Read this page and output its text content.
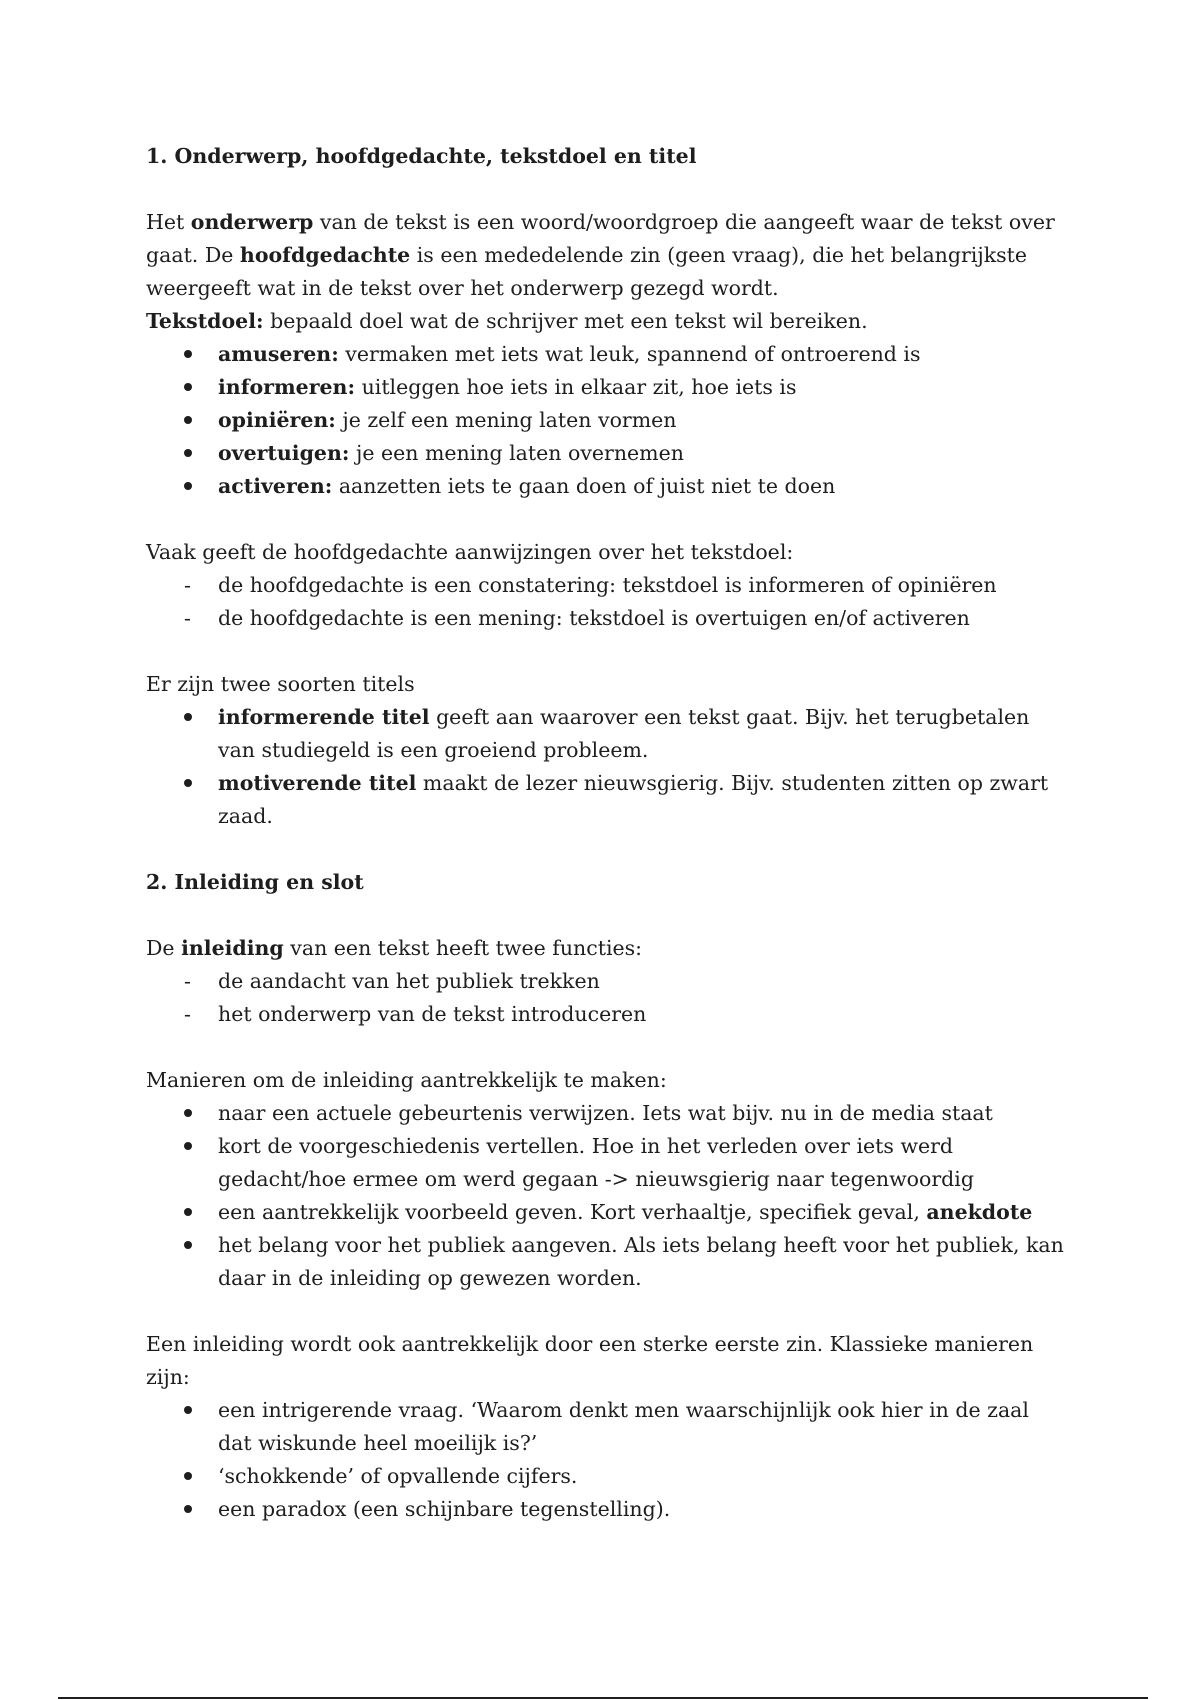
1. Onderwerp, hoofdgedachte, tekstdoel en titel

Het onderwerp van de tekst is een woord/woordgroep die aangeeft waar de tekst over gaat. De hoofdgedachte is een mededelende zin (geen vraag), die het belangrijkste weergeeft wat in de tekst over het onderwerp gezegd wordt.

Tekstdoel: bepaald doel wat de schrijver met een tekst wil bereiken.

amuseren: vermaken met iets wat leuk, spannend of ontroerend is
informeren: uitleggen hoe iets in elkaar zit, hoe iets is
opiniëren: je zelf een mening laten vormen
overtuigen: je een mening laten overnemen
activeren: aanzetten iets te gaan doen of juist niet te doen

Vaak geeft de hoofdgedachte aanwijzingen over het tekstdoel:

-	de hoofdgedachte is een constatering: tekstdoel is informeren of opiniëren
-	de hoofdgedachte is een mening: tekstdoel is overtuigen en/of activeren

Er zijn twee soorten titels

informerende titel geeft aan waarover een tekst gaat. Bijv. het terugbetalen van studiegeld is een groeiend probleem.
motiverende titel maakt de lezer nieuwsgierig. Bijv. studenten zitten op zwart zaad.

2. Inleiding en slot

De inleiding van een tekst heeft twee functies:

-	de aandacht van het publiek trekken
-	het onderwerp van de tekst introduceren

Manieren om de inleiding aantrekkelijk te maken:

naar een actuele gebeurtenis verwijzen. Iets wat bijv. nu in de media staat
kort de voorgeschiedenis vertellen. Hoe in het verleden over iets werd gedacht/hoe ermee om werd gegaan -> nieuwsgierig naar tegenwoordig
een aantrekkelijk voorbeeld geven. Kort verhaaltje, specifiek geval, anekdote
het belang voor het publiek aangeven. Als iets belang heeft voor het publiek, kan daar in de inleiding op gewezen worden.

Een inleiding wordt ook aantrekkelijk door een sterke eerste zin. Klassieke manieren zijn:

een intrigerende vraag. ‘Waarom denkt men waarschijnlijk ook hier in de zaal dat wiskunde heel moeilijk is?’
‘schokkende’ of opvallende cijfers.
een paradox (een schijnbare tegenstelling).
